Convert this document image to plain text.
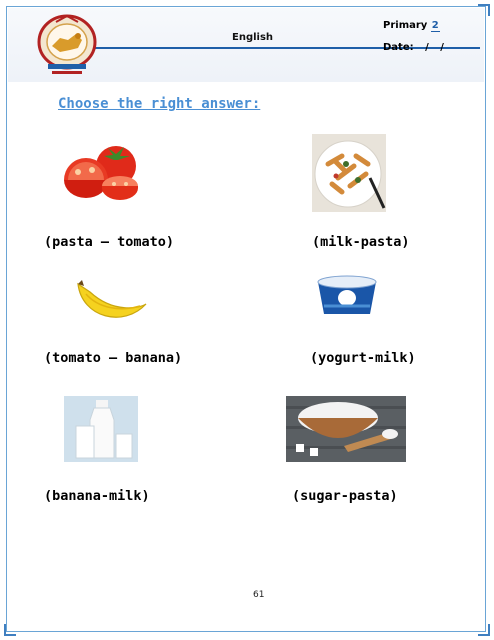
English
Primary 2
Date: / /
Choose the right answer:
(pasta – tomato)	(milk-pasta)
(tomato – banana)	(yogurt-milk)
(banana-milk)	(sugar-pasta)
61
